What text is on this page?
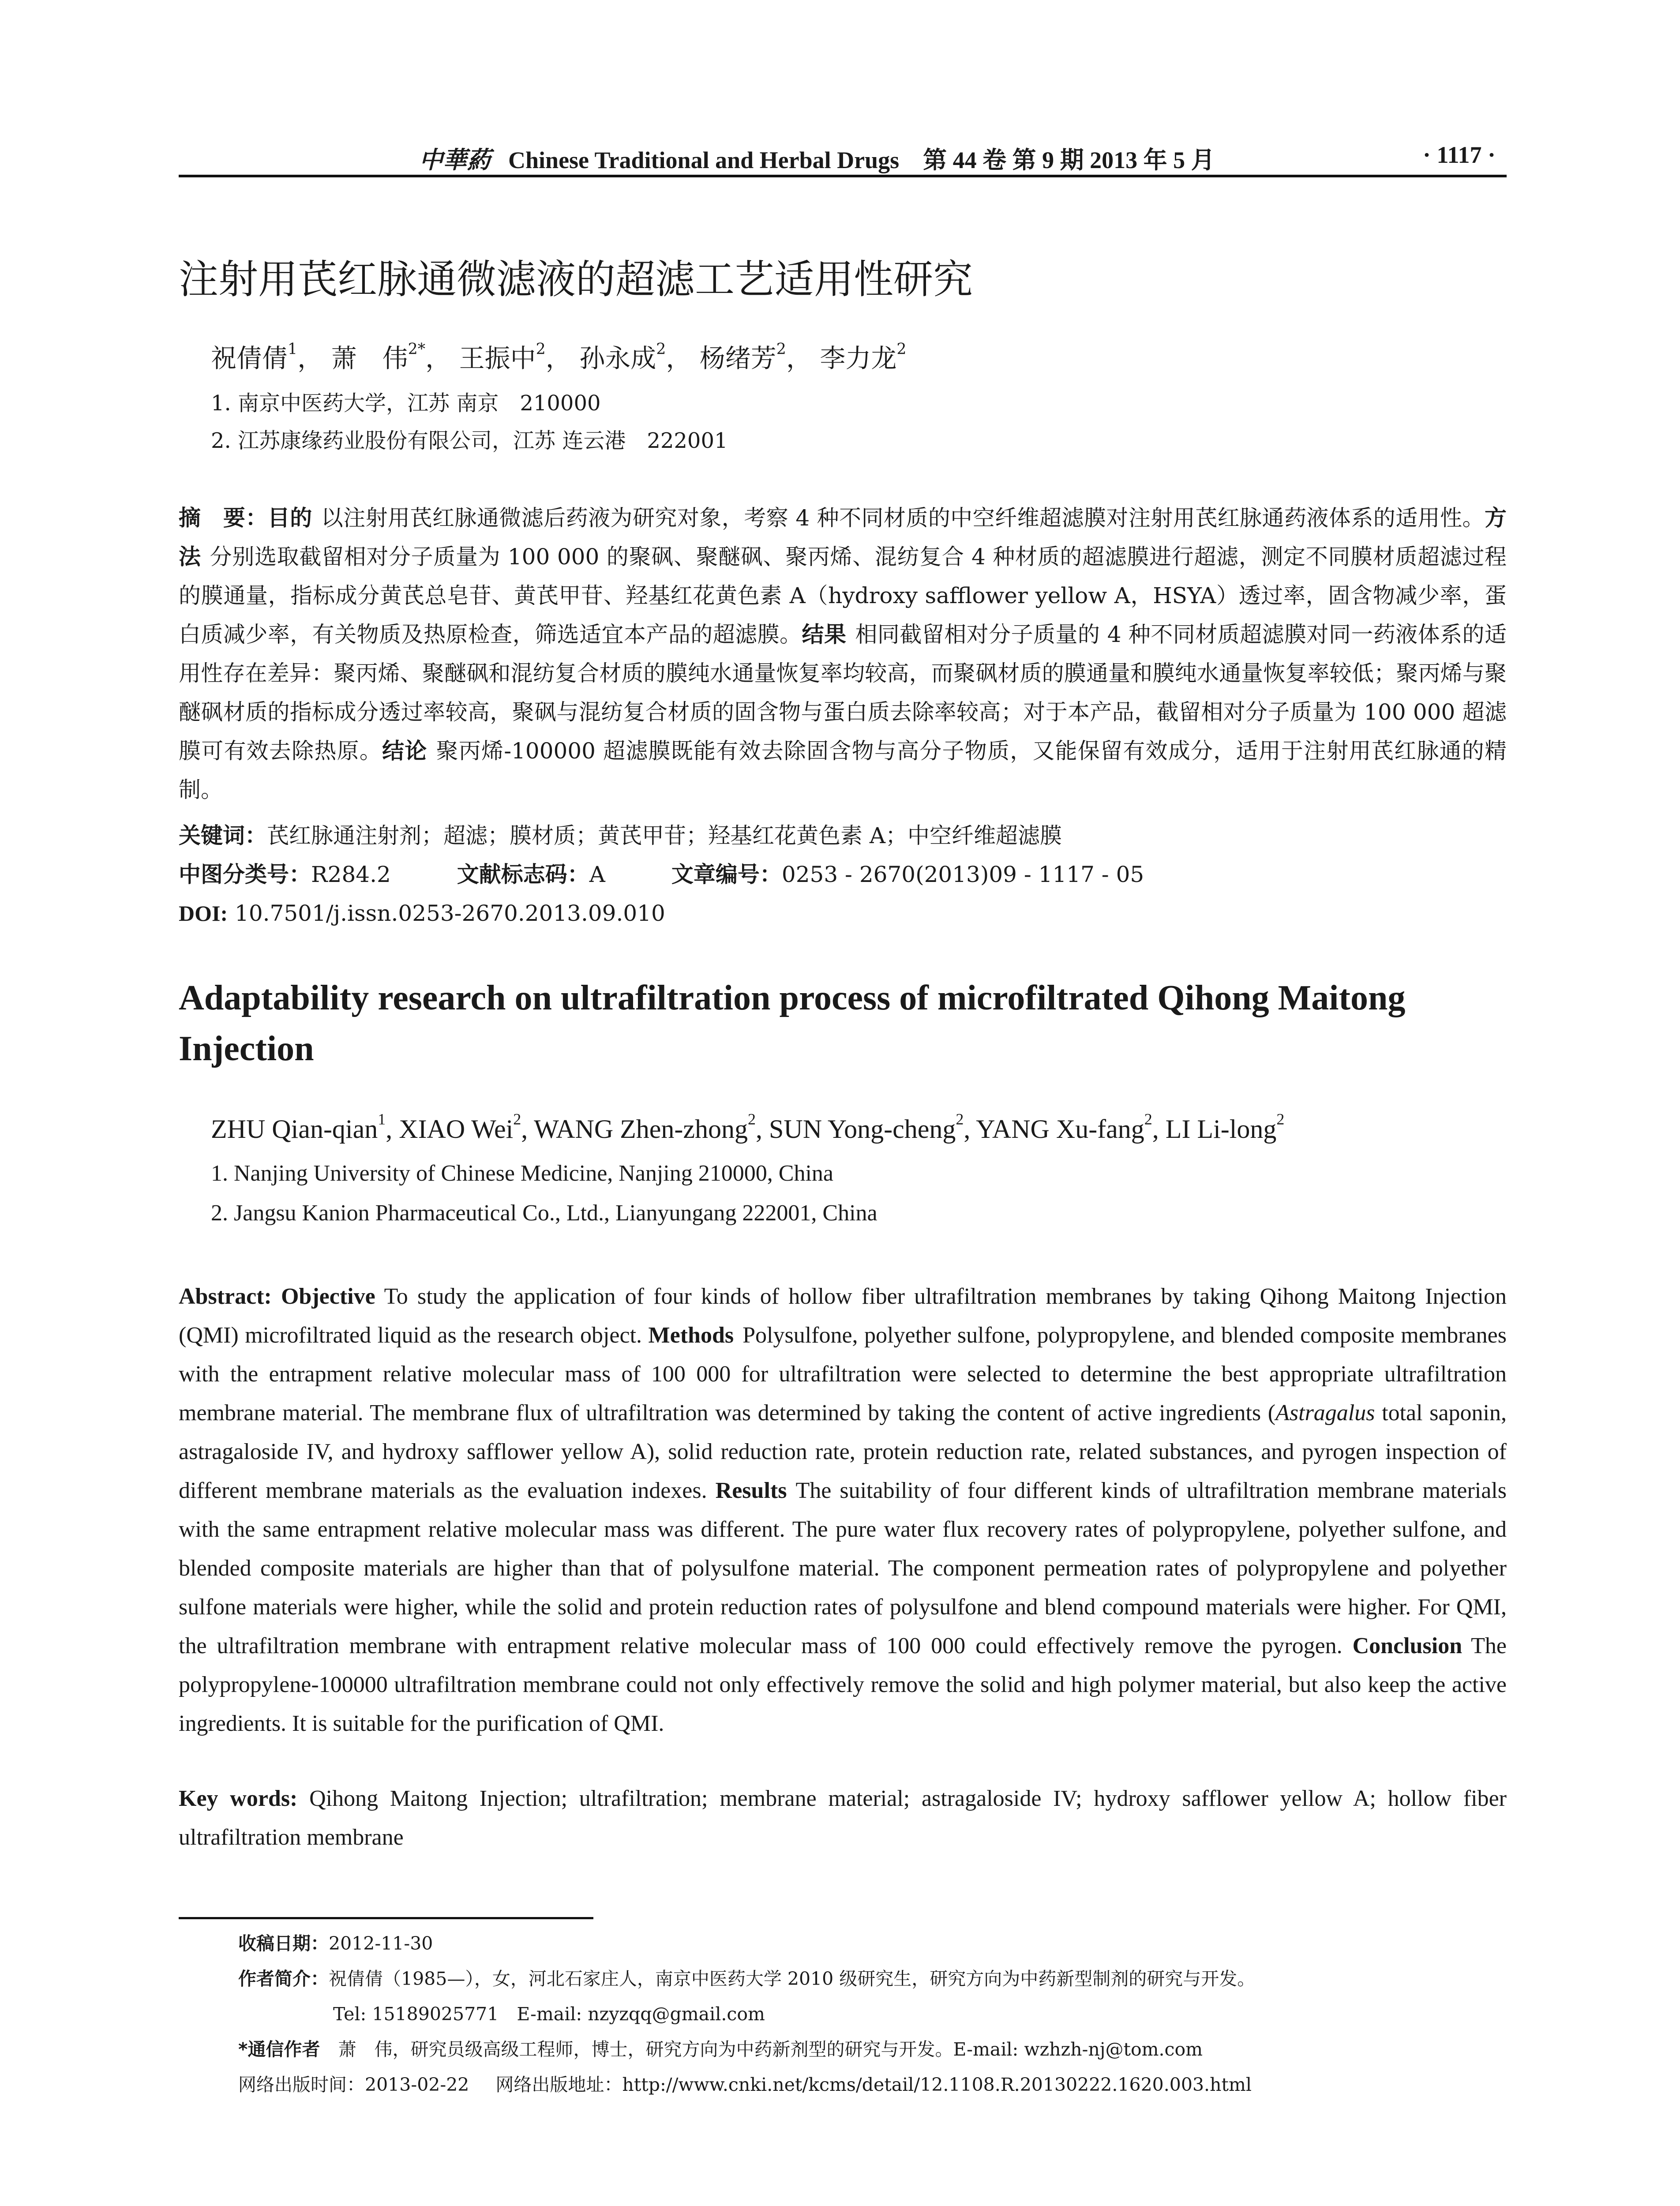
中華葯 Chinese Traditional and Herbal Drugs　第 44 卷 第 9 期 2013 年 5 月	· 1117 ·
注射用芪红脉通微滤液的超滤工艺适用性研究
祝倩倩$^1$， 萧　伟$^{2*}$， 王振中$^2$， 孙永成$^2$， 杨绪芳$^2$， 李力龙$^2$
1. 南京中医药大学，江苏 南京　210000
2. 江苏康缘药业股份有限公司，江苏 连云港　222001
摘　要：目的 以注射用芪红脉通微滤后药液为研究对象，考察 4 种不同材质的中空纤维超滤膜对注射用芪红脉通药液体系的适用性。方法 分别选取截留相对分子质量为 100 000 的聚砜、聚醚砜、聚丙烯、混纺复合 4 种材质的超滤膜进行超滤，测定不同膜材质超滤过程的膜通量，指标成分黄芪总皂苷、黄芪甲苷、羟基红花黄色素 A（hydroxy safflower yellow A，HSYA）透过率，固含物减少率，蛋白质减少率，有关物质及热原检查，筛选适宜本产品的超滤膜。结果 相同截留相对分子质量的 4 种不同材质超滤膜对同一药液体系的适用性存在差异：聚丙烯、聚醚砜和混纺复合材质的膜纯水通量恢复率均较高，而聚砜材质的膜通量和膜纯水通量恢复率较低；聚丙烯与聚醚砜材质的指标成分透过率较高，聚砜与混纺复合材质的固含物与蛋白质去除率较高；对于本产品，截留相对分子质量为 100 000 超滤膜可有效去除热原。结论 聚丙烯-100000 超滤膜既能有效去除固含物与高分子物质，又能保留有效成分，适用于注射用芪红脉通的精制。
关键词：芪红脉通注射剂；超滤；膜材质；黄芪甲苷；羟基红花黄色素 A；中空纤维超滤膜
中图分类号：R284.2	文献标志码：A	文章编号：0253 - 2670(2013)09 - 1117 - 05
DOI: 10.7501/j.issn.0253-2670.2013.09.010
Adaptability research on ultrafiltration process of microfiltrated Qihong Maitong Injection
ZHU Qian-qian$^1$, XIAO Wei$^2$, WANG Zhen-zhong$^2$, SUN Yong-cheng$^2$, YANG Xu-fang$^2$, LI Li-long$^2$
1. Nanjing University of Chinese Medicine, Nanjing 210000, China
2. Jangsu Kanion Pharmaceutical Co., Ltd., Lianyungang 222001, China
Abstract: Objective To study the application of four kinds of hollow fiber ultrafiltration membranes by taking Qihong Maitong Injection (QMI) microfiltrated liquid as the research object. Methods Polysulfone, polyether sulfone, polypropylene, and blended composite membranes with the entrapment relative molecular mass of 100 000 for ultrafiltration were selected to determine the best appropriate ultrafiltration membrane material. The membrane flux of ultrafiltration was determined by taking the content of active ingredients (Astragalus total saponin, astragaloside IV, and hydroxy safflower yellow A), solid reduction rate, protein reduction rate, related substances, and pyrogen inspection of different membrane materials as the evaluation indexes. Results The suitability of four different kinds of ultrafiltration membrane materials with the same entrapment relative molecular mass was different. The pure water flux recovery rates of polypropylene, polyether sulfone, and blended composite materials are higher than that of polysulfone material. The component permeation rates of polypropylene and polyether sulfone materials were higher, while the solid and protein reduction rates of polysulfone and blend compound materials were higher. For QMI, the ultrafiltration membrane with entrapment relative molecular mass of 100 000 could effectively remove the pyrogen. Conclusion The polypropylene-100000 ultrafiltration membrane could not only effectively remove the solid and high polymer material, but also keep the active ingredients. It is suitable for the purification of QMI.
Key words: Qihong Maitong Injection; ultrafiltration; membrane material; astragaloside IV; hydroxy safflower yellow A; hollow fiber ultrafiltration membrane
收稿日期：2012-11-30
作者简介：祝倩倩（1985—），女，河北石家庄人，南京中医药大学 2010 级研究生，研究方向为中药新型制剂的研究与开发。
Tel: 15189025771　E-mail: nzyzqq@gmail.com
*通信作者　 萧　伟，研究员级高级工程师，博士，研究方向为中药新剂型的研究与开发。E-mail: wzhzh-nj@tom.com
网络出版时间：2013-02-22 网络出版地址：http://www.cnki.net/kcms/detail/12.1108.R.20130222.1620.003.html
